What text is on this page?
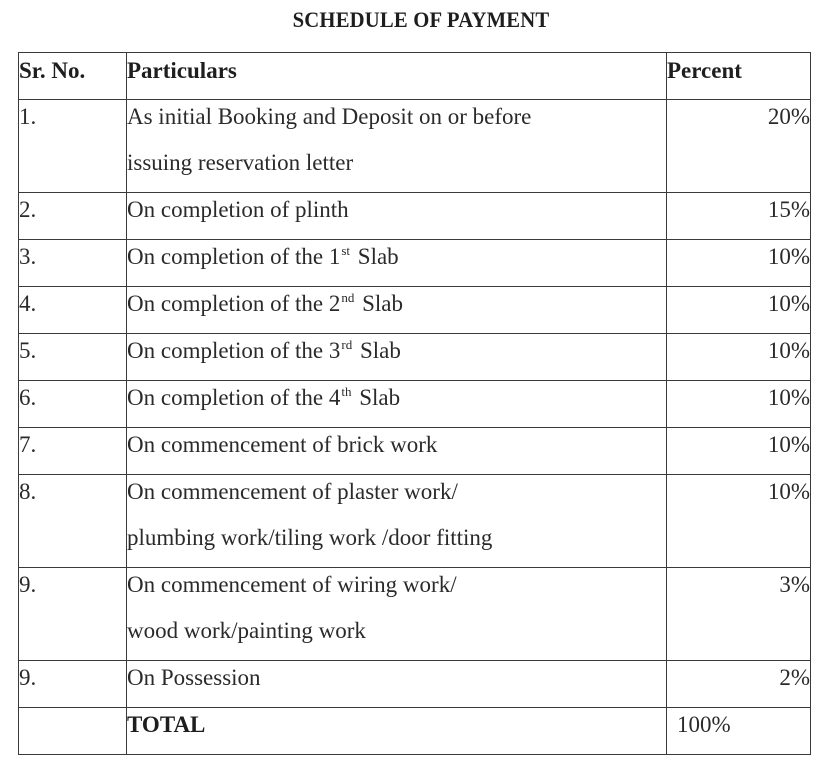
SCHEDULE OF PAYMENT
Sr. No.	Particulars	Percent

1.	As initial Booking and Deposit on or before
issuing reservation letter	20%

2.	On completion of plinth	15%

3.	On completion of the 1st Slab	10%

4.	On completion of the 2nd Slab	10%

5.	On completion of the 3rd Slab	10%

6.	On completion of the 4th Slab	10%

7.	On commencement of brick work	10%

8.	On commencement of plaster work/
plumbing work/tiling work /door fitting	10%

9.	On commencement of wiring work/
wood work/painting work	3%

9.	On Possession	2%

	TOTAL	100%
